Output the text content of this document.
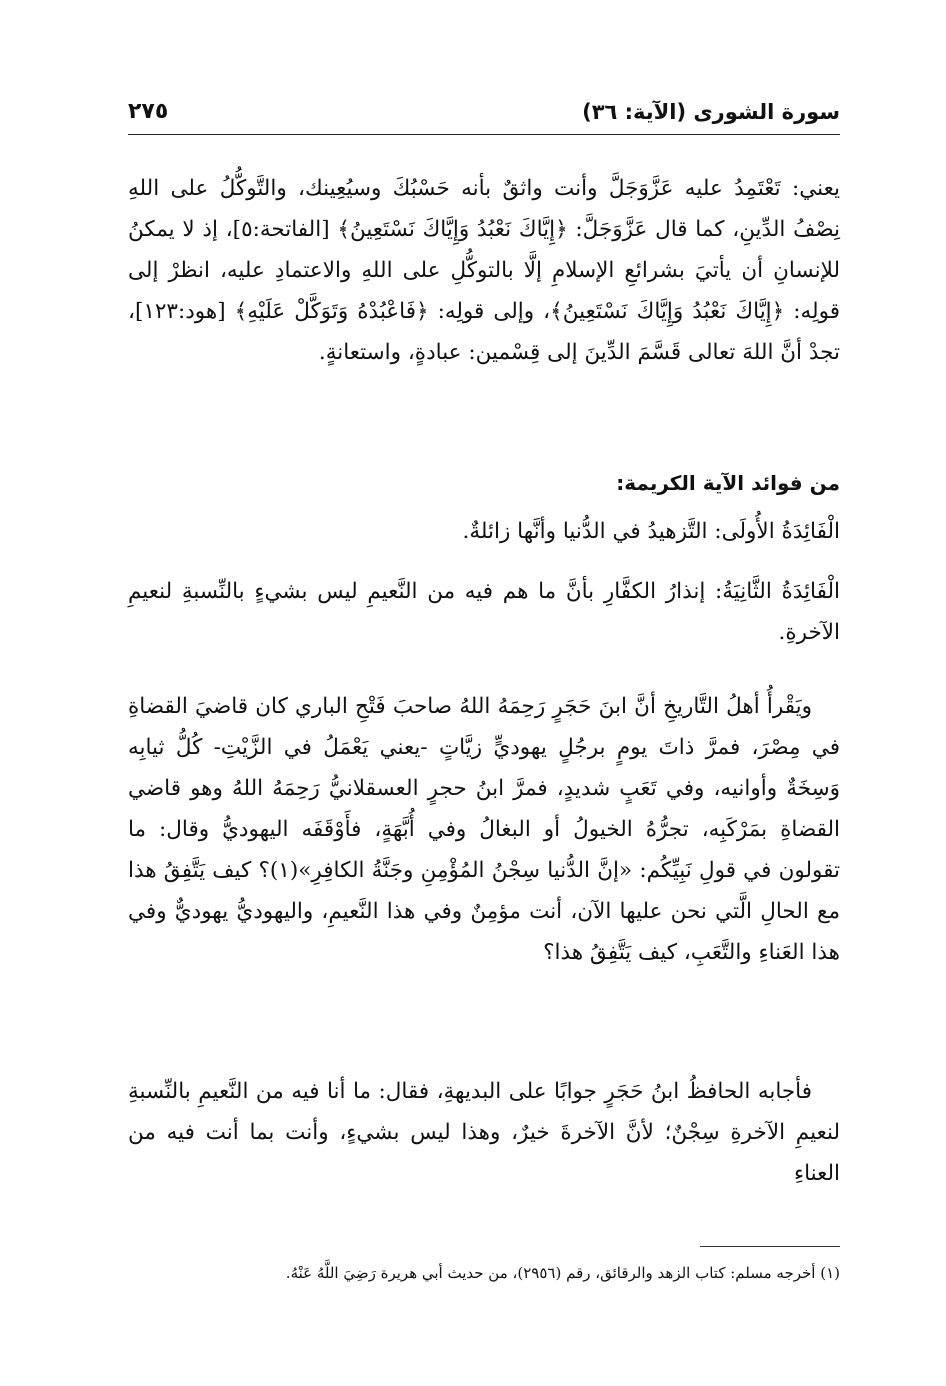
سورة الشورى (الآية: ٣٦)
٢٧٥

يعني: تَعْتَمِدُ عليه عَزَّوَجَلَّ وأنت واثقٌ بأنه حَسْبُكَ وسيُعِينك، والتَّوكُّلُ على اللهِ نِصْفُ الدِّينِ، كما قال عَزَّوَجَلَّ: ﴿إِيَّاكَ نَعْبُدُ وَإِيَّاكَ نَسْتَعِينُ﴾ [الفاتحة:٥]، إذ لا يمكنُ للإنسانِ أن يأتيَ بشرائعِ الإسلامِ إلَّا بالتوكُّلِ على اللهِ والاعتمادِ عليه، انظرْ إلى قولِه: ﴿إِيَّاكَ نَعْبُدُ وَإِيَّاكَ نَسْتَعِينُ﴾، وإلى قولِه: ﴿فَاعْبُدْهُ وَتَوَكَّلْ عَلَيْهِ﴾ [هود:١٢٣]، تجدْ أنَّ اللهَ تعالى قَسَّمَ الدِّينَ إلى قِسْمين: عبادةٍ، واستعانةٍ.

من فوائد الآية الكريمة:

الْفَائِدَةُ الأُولَى: التَّزهيدُ في الدُّنيا وأنَّها زائلةٌ.

الْفَائِدَةُ الثَّانِيَةُ: إنذارُ الكفَّارِ بأنَّ ما هم فيه من النَّعيمِ ليس بشيءٍ بالنِّسبةِ لنعيمِ الآخرةِ.

ويَقْرأُ أهلُ التَّاريخِ أنَّ ابنَ حَجَرٍ رَحِمَهُ اللهُ صاحبَ فَتْحِ الباري كان قاضيَ القضاةِ في مِصْرَ، فمرَّ ذاتَ يومٍ برجُلٍ يهوديٍّ زيَّاتٍ -يعني يَعْمَلُ في الزَّيْتِ- كُلُّ ثيابِه وَسِخَةٌ وأوانيه، وفي تَعَبٍ شديدٍ، فمرَّ ابنُ حجرٍ العسقلانيُّ رَحِمَهُ اللهُ وهو قاضي القضاةِ بمَرْكَبِه، تجرُّهُ الخيولُ أو البغالُ وفي أُبَّهَةٍ، فأَوْقَفَه اليهوديُّ وقال: ما تقولون في قولِ نَبِيِّكُم: «إنَّ الدُّنيا سِجْنُ المُؤْمِنِ وجَنَّةُ الكافِرِ»(١)؟ كيف يَتَّفِقُ هذا مع الحالِ الَّتي نحن عليها الآن، أنت مؤمِنٌ وفي هذا النَّعيمِ، واليهوديُّ يهوديٌّ وفي هذا العَناءِ والتَّعَبِ، كيف يَتَّفِقُ هذا؟

فأجابه الحافظُ ابنُ حَجَرٍ جوابًا على البديهةِ، فقال: ما أنا فيه من النَّعيمِ بالنِّسبةِ لنعيمِ الآخرةِ سِجْنٌ؛ لأنَّ الآخرةَ خيرٌ، وهذا ليس بشيءٍ، وأنت بما أنت فيه من العناءِ

(١) أخرجه مسلم: كتاب الزهد والرقائق، رقم (٢٩٥٦)، من حديث أبي هريرة رَضِيَ اللَّهُ عَنْهُ.
